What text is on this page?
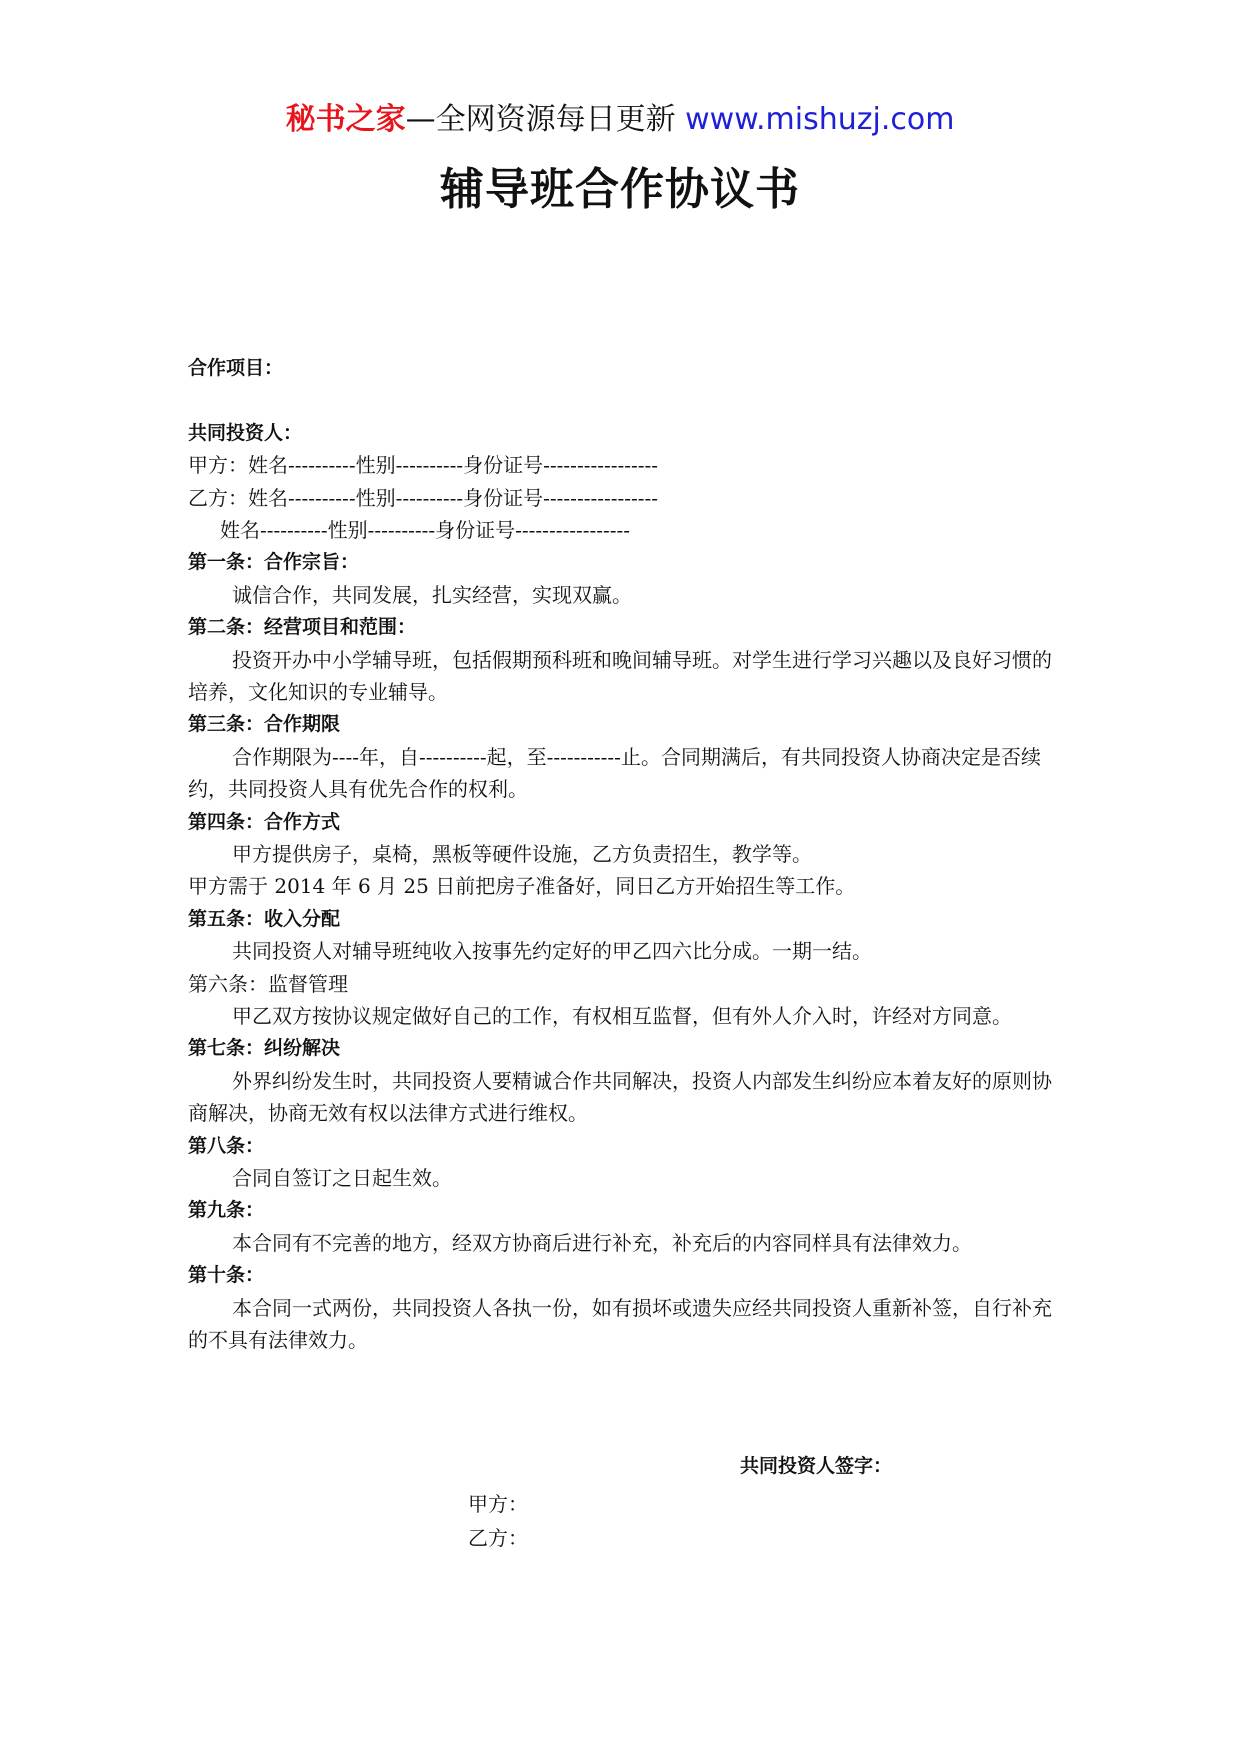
秘书之家—全网资源每日更新 www.mishuzj.com
辅导班合作协议书
合作项目：
共同投资人：
甲方：姓名----------性别----------身份证号-----------------
乙方：姓名----------性别----------身份证号-----------------
姓名----------性别----------身份证号-----------------
第一条：合作宗旨：
诚信合作，共同发展，扎实经营，实现双赢。
第二条：经营项目和范围：
投资开办中小学辅导班，包括假期预科班和晚间辅导班。对学生进行学习兴趣以及良好习惯的培养，文化知识的专业辅导。
第三条：合作期限
合作期限为----年，自----------起，至-----------止。合同期满后，有共同投资人协商决定是否续约，共同投资人具有优先合作的权利。
第四条：合作方式
甲方提供房子，桌椅，黑板等硬件设施，乙方负责招生，教学等。
甲方需于 2014 年 6 月 25 日前把房子准备好，同日乙方开始招生等工作。
第五条：收入分配
共同投资人对辅导班纯收入按事先约定好的甲乙四六比分成。一期一结。
第六条：监督管理
甲乙双方按协议规定做好自己的工作，有权相互监督，但有外人介入时，许经对方同意。
第七条：纠纷解决
外界纠纷发生时，共同投资人要精诚合作共同解决，投资人内部发生纠纷应本着友好的原则协商解决，协商无效有权以法律方式进行维权。
第八条：
合同自签订之日起生效。
第九条：
本合同有不完善的地方，经双方协商后进行补充，补充后的内容同样具有法律效力。
第十条：
本合同一式两份，共同投资人各执一份，如有损坏或遗失应经共同投资人重新补签，自行补充的不具有法律效力。
共同投资人签字：
甲方：
乙方：
